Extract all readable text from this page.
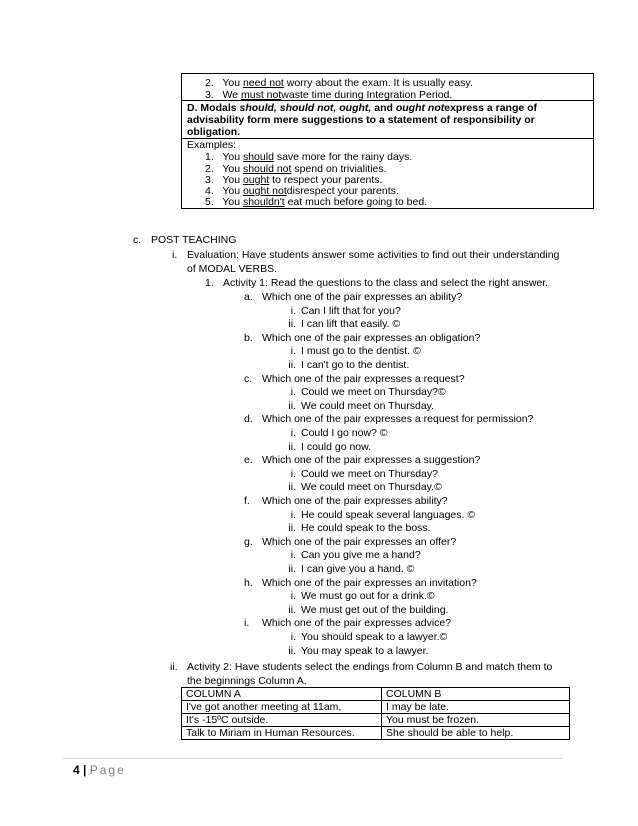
2. You need not worry about the exam. It is usually easy.
3. We must notwaste time during Integration Period.
D. Modals should, should not, ought, and ought notexpress a range of
advisability form mere suggestions to a statement of responsibility or
obligation.
Examples:
1. You should save more for the rainy days.
2. You should not spend on trivialities.
3. You ought to respect your parents.
4. You ought notdisrespect your parents.
5. You shouldn't eat much before going to bed.
c. POST TEACHING
i. Evaluation: Have students answer some activities to find out their understanding
of MODAL VERBS.
1. Activity 1: Read the questions to the class and select the right answer.
a. Which one of the pair expresses an ability?
i. Can I lift that for you?
ii. I can lift that easily. ©
b. Which one of the pair expresses an obligation?
i. I must go to the dentist. ©
ii. I can't go to the dentist.
c. Which one of the pair expresses a request?
i. Could we meet on Thursday?©
ii. We could meet on Thursday.
d. Which one of the pair expresses a request for permission?
i. Could I go now? ©
ii. I could go now.
e. Which one of the pair expresses a suggestion?
i. Could we meet on Thursday?
ii. We could meet on Thursday.©
f. Which one of the pair expresses ability?
i. He could speak several languages. ©
ii. He could speak to the boss.
g. Which one of the pair expresses an offer?
i. Can you give me a hand?
ii. I can give you a hand. ©
h. Which one of the pair expresses an invitation?
i. We must go out for a drink.©
ii. We must get out of the building.
i. Which one of the pair expresses advice?
i. You should speak to a lawyer.©
ii. You may speak to a lawyer.
ii. Activity 2: Have students select the endings from Column B and match them to
the beginnings Column A.
COLUMN A	COLUMN B
I've got another meeting at 11am,	I may be late.
It's -15ºC outside.	You must be frozen.
Talk to Miriam in Human Resources.	She should be able to help.
4 | Page
